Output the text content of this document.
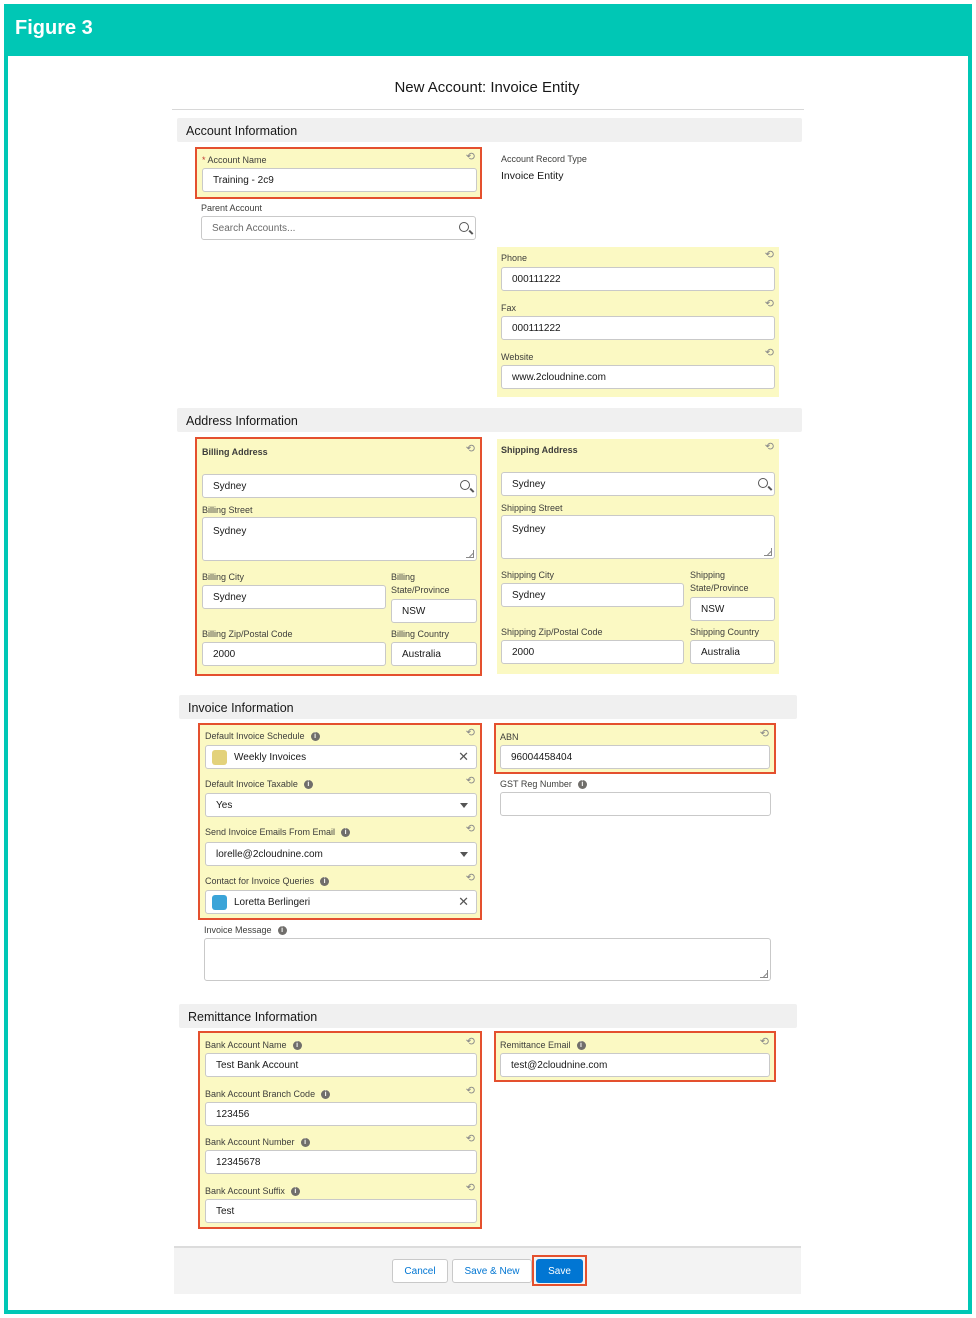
Figure 3
New Account: Invoice Entity
Account Information
* Account Name	⟲
Training - 2c9
Account Record Type
Invoice Entity
Parent Account
Search Accounts...
Phone	⟲
000111222
Fax	⟲
000111222
Website	⟲
www.2cloudnine.com
Address Information
Billing Address	⟲
Sydney
Billing Street
Sydney
Billing City
Sydney
Billing
State/Province
NSW
Billing Zip/Postal Code
2000
Billing Country
Australia
Shipping Address	⟲
Sydney
Shipping Street
Sydney
Shipping City
Sydney
Shipping
State/Province
NSW
Shipping Zip/Postal Code
2000
Shipping Country
Australia
Invoice Information
Default Invoice Schedule i	⟲
Weekly Invoices	✕
Default Invoice Taxable i	⟲
Yes
Send Invoice Emails From Email i	⟲
lorelle@2cloudnine.com
Contact for Invoice Queries i	⟲
Loretta Berlingeri	✕
ABN	⟲
96004458404
GST Reg Number i
Invoice Message i
Remittance Information
Bank Account Name i	⟲
Test Bank Account
Bank Account Branch Code i	⟲
123456
Bank Account Number i	⟲
12345678
Bank Account Suffix i	⟲
Test
Remittance Email i	⟲
test@2cloudnine.com
Cancel	Save & New	Save
